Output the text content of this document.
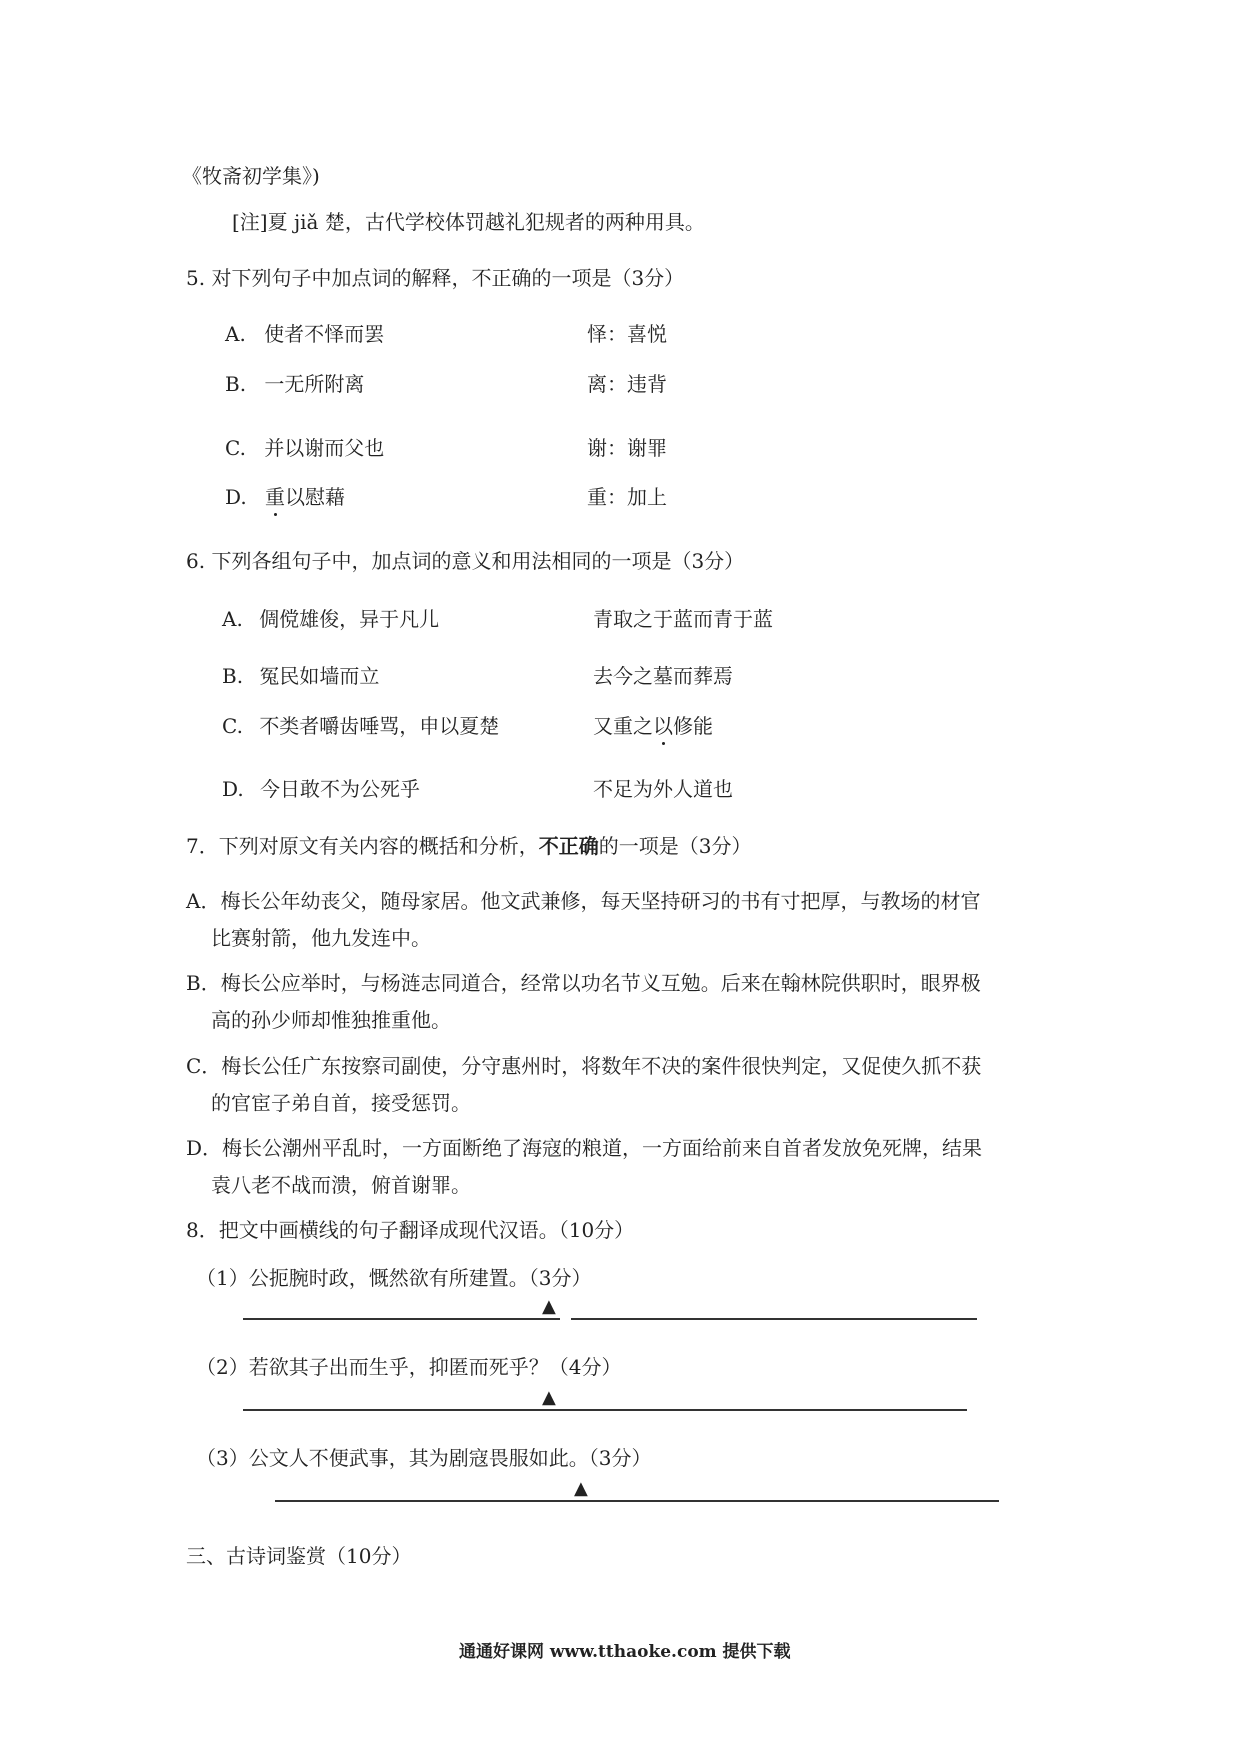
《牧斋初学集》)
[注]夏 jiǎ 楚，古代学校体罚越礼犯规者的两种用具。
5. 对下列句子中加点词的解释，不正确的一项是（3分）
A. 使者不怿而罢	怿：喜悦
B. 一无所附离	离：违背
C. 并以谢而父也	谢：谢罪
D. 重以慰藉	重：加上
6. 下列各组句子中，加点词的意义和用法相同的一项是（3分）
A. 倜傥雄俊，异于凡儿	青取之于蓝而青于蓝
B. 冤民如墙而立	去今之墓而葬焉
C. 不类者嚼齿唾骂，申以夏楚	又重之以修能
D. 今日敢不为公死乎	不足为外人道也
7．下列对原文有关内容的概括和分析，不正确的一项是（3分）
A．梅长公年幼丧父，随母家居。他文武兼修，每天坚持研习的书有寸把厚，与教场的材官
比赛射箭，他九发连中。
B．梅长公应举时，与杨涟志同道合，经常以功名节义互勉。后来在翰林院供职时，眼界极
高的孙少师却惟独推重他。
C．梅长公任广东按察司副使，分守惠州时，将数年不决的案件很快判定，又促使久抓不获
的官宦子弟自首，接受惩罚。
D．梅长公潮州平乱时，一方面断绝了海寇的粮道，一方面给前来自首者发放免死牌，结果
袁八老不战而溃，俯首谢罪。
8．把文中画横线的句子翻译成现代汉语。（10分）
（1）公扼腕时政，慨然欲有所建置。（3分）
▲
（2）若欲其子出而生乎，抑匿而死乎？（4分）
▲
（3）公文人不便武事，其为剧寇畏服如此。（3分）
▲
三、古诗词鉴赏（10分）
通通好课网 www.tthaoke.com 提供下载
